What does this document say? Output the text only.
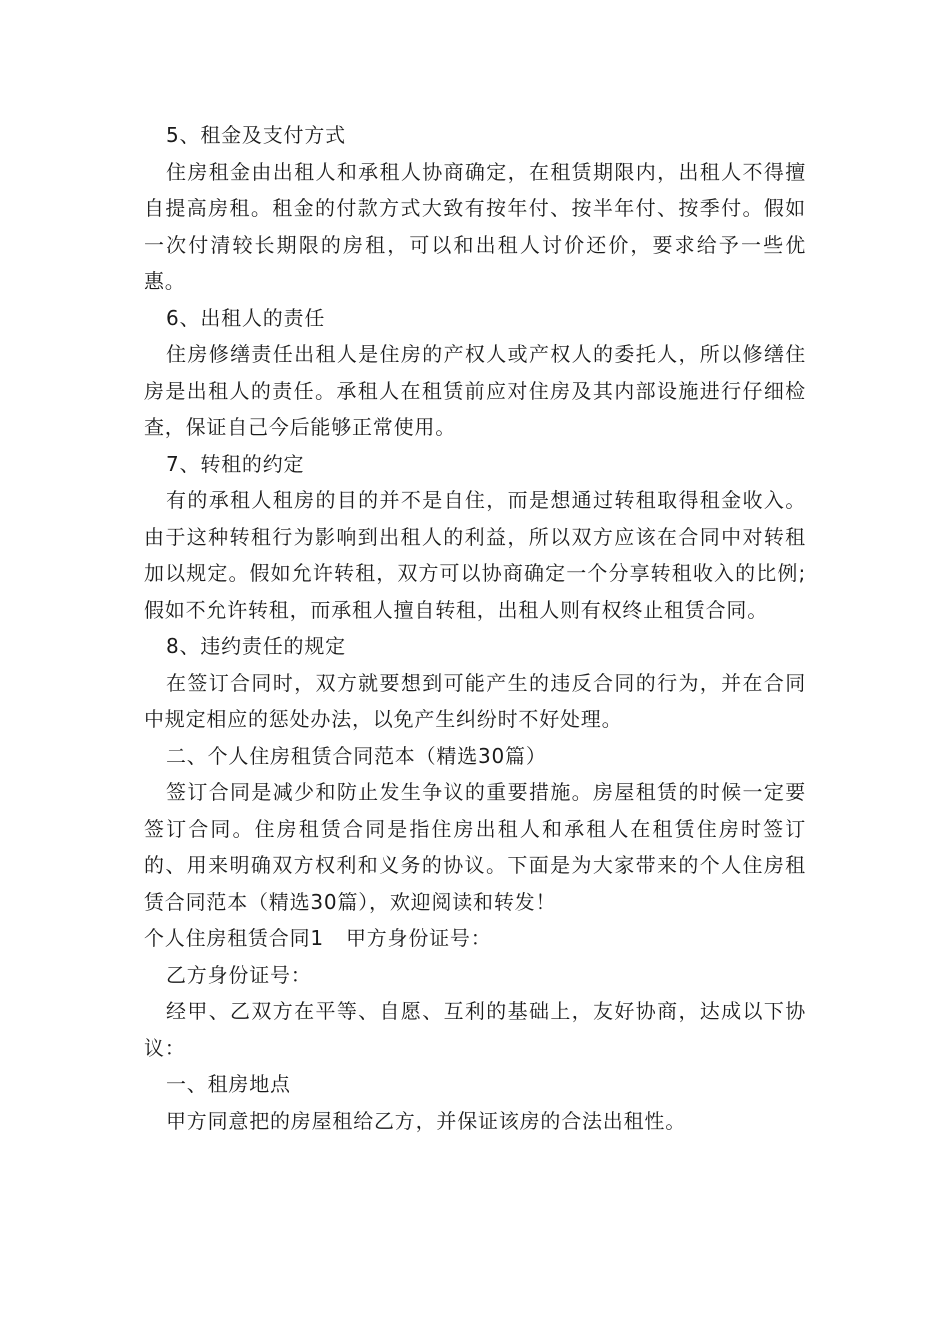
5、租金及支付方式

住房租金由出租人和承租人协商确定，在租赁期限内，出租人不得擅自提高房租。租金的付款方式大致有按年付、按半年付、按季付。假如一次付清较长期限的房租，可以和出租人讨价还价，要求给予一些优惠。

6、出租人的责任

住房修缮责任出租人是住房的产权人或产权人的委托人，所以修缮住房是出租人的责任。承租人在租赁前应对住房及其内部设施进行仔细检查，保证自己今后能够正常使用。

7、转租的约定

有的承租人租房的目的并不是自住，而是想通过转租取得租金收入。由于这种转租行为影响到出租人的利益，所以双方应该在合同中对转租加以规定。假如允许转租，双方可以协商确定一个分享转租收入的比例;假如不允许转租，而承租人擅自转租，出租人则有权终止租赁合同。

8、违约责任的规定

在签订合同时，双方就要想到可能产生的违反合同的行为，并在合同中规定相应的惩处办法，以免产生纠纷时不好处理。

二、个人住房租赁合同范本（精选30篇）

签订合同是减少和防止发生争议的重要措施。房屋租赁的时候一定要签订合同。住房租赁合同是指住房出租人和承租人在租赁住房时签订的、用来明确双方权利和义务的协议。下面是为大家带来的个人住房租赁合同范本（精选30篇），欢迎阅读和转发！

个人住房租赁合同1 甲方身份证号：

乙方身份证号：

经甲、乙双方在平等、自愿、互利的基础上，友好协商，达成以下协议：

一、租房地点

甲方同意把的房屋租给乙方，并保证该房的合法出租性。
